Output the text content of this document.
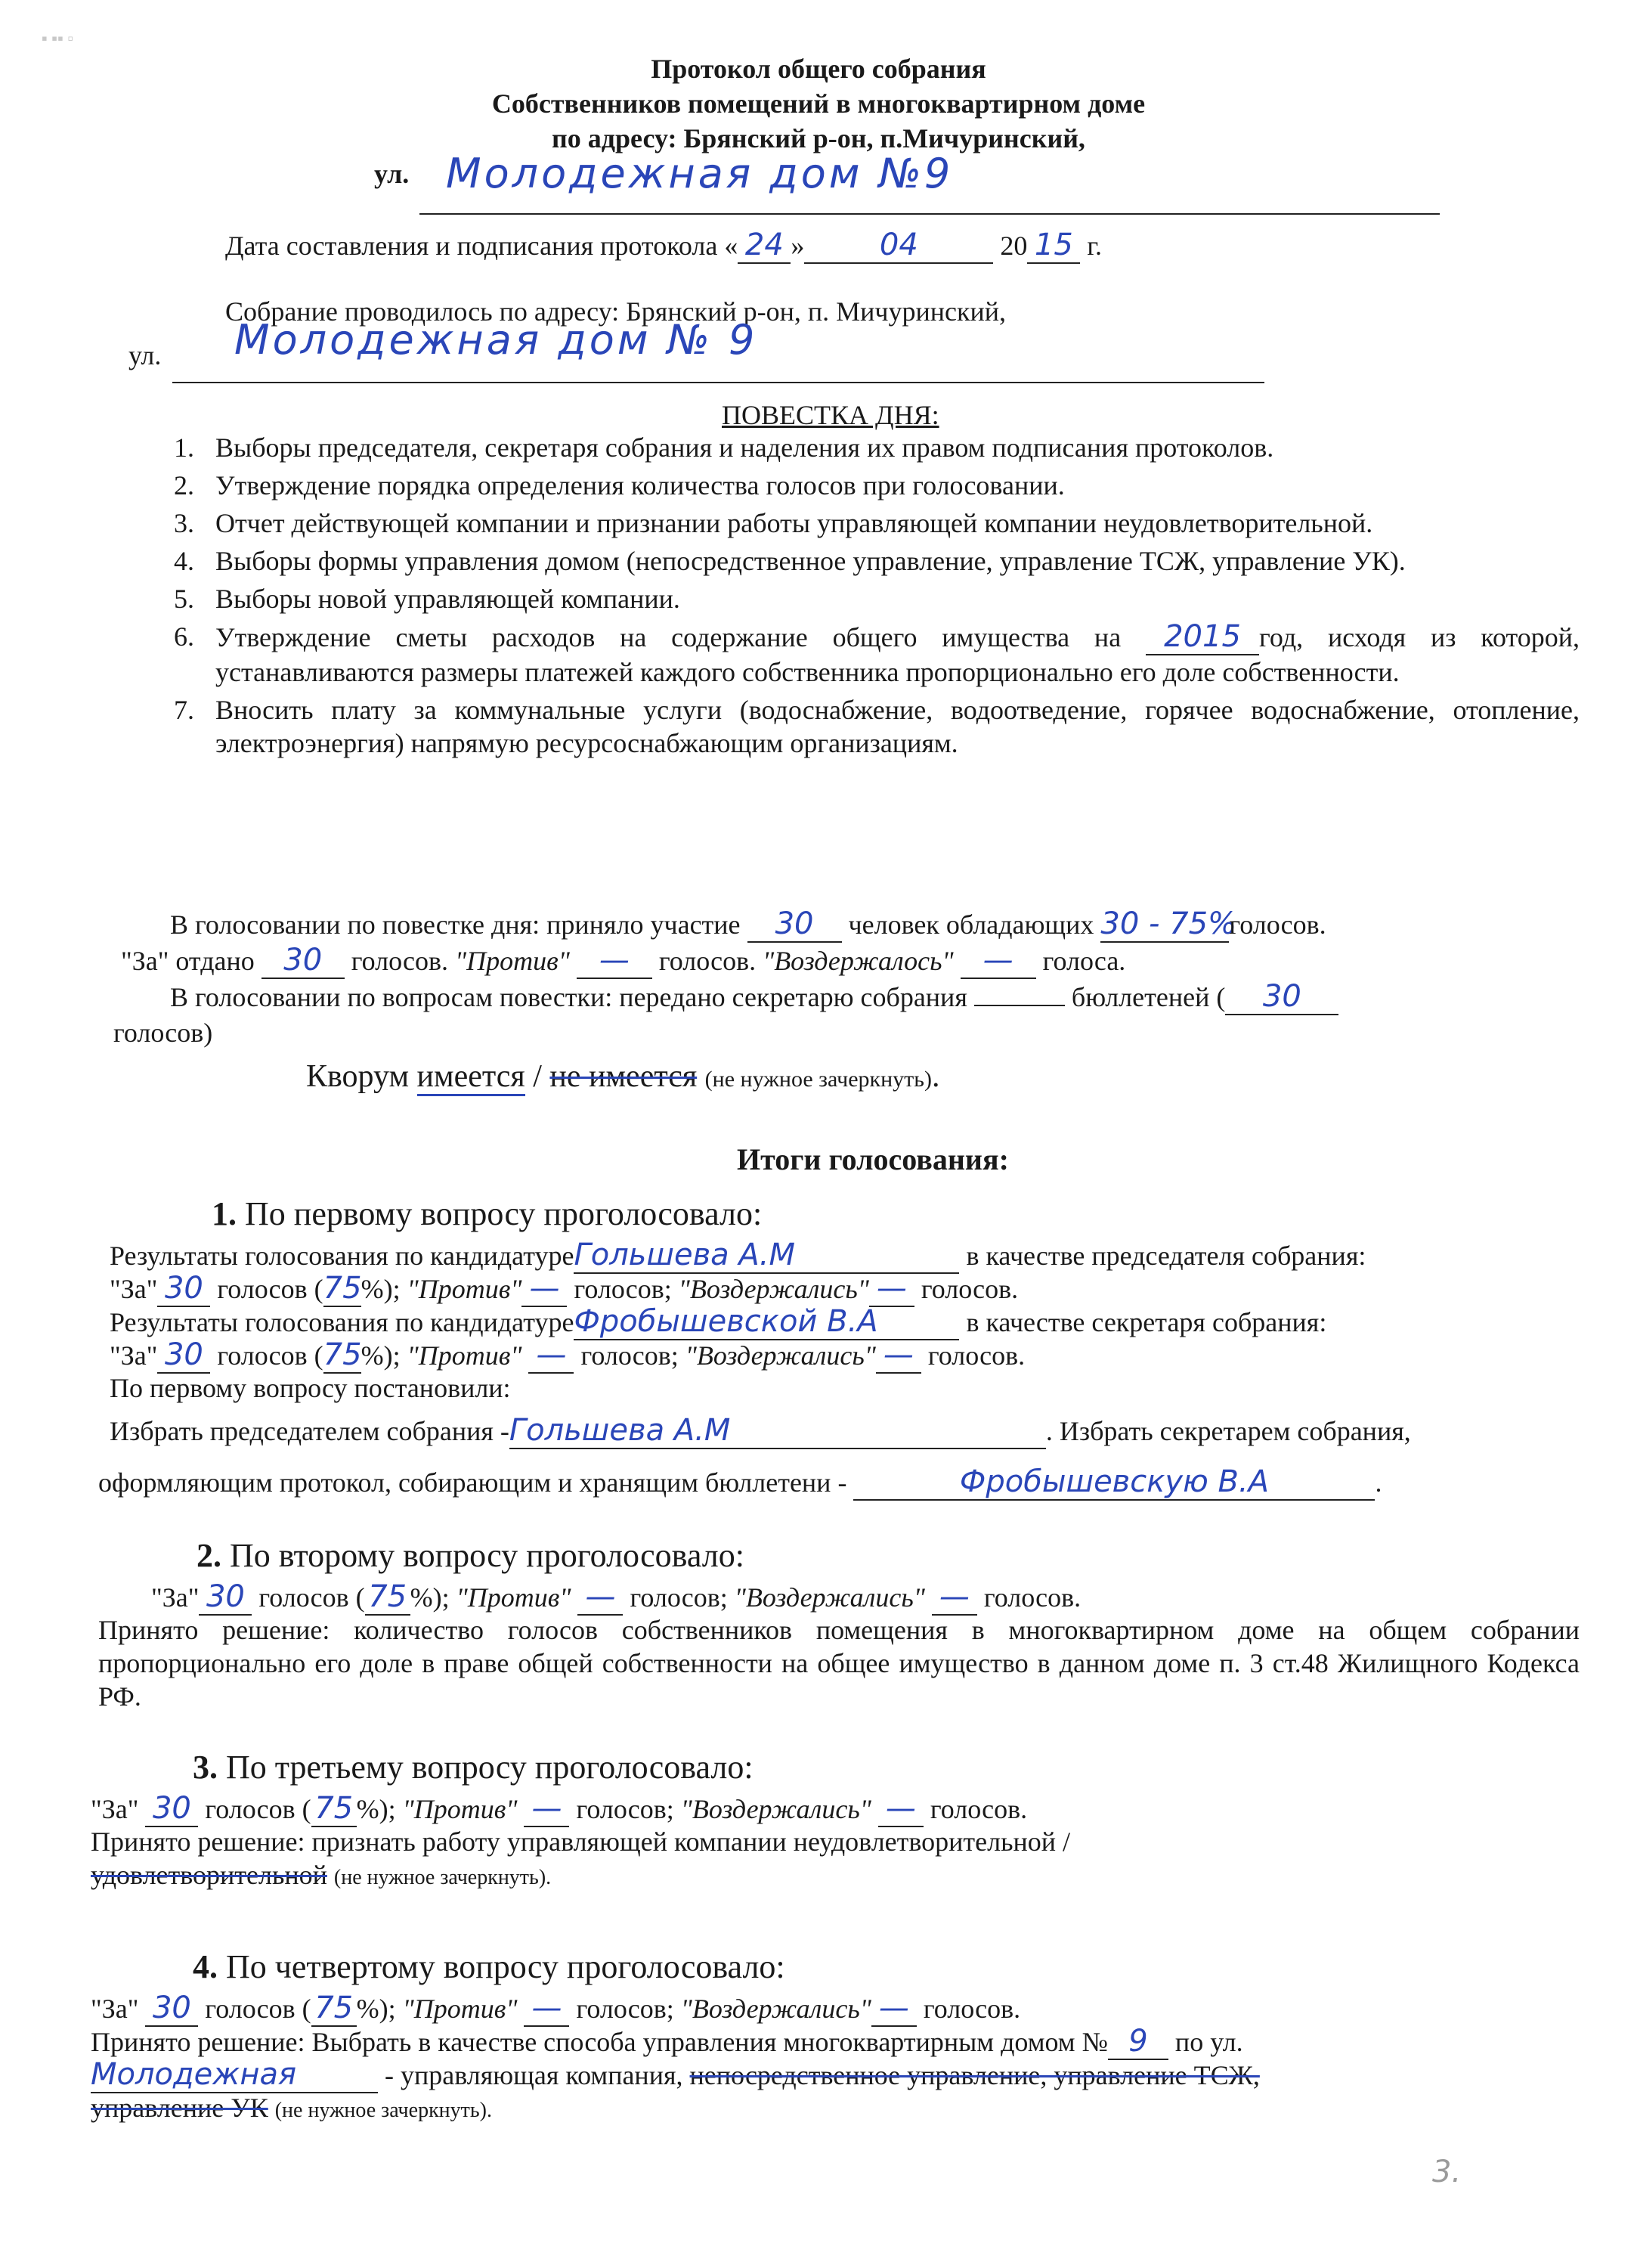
▪ ▪▪ ▫
Протокол общего собрания
Собственников помещений в многоквартирном доме
по адресу: Брянский р-он, п.Мичуринский,
ул. Молодежная дом №9
Дата составления и подписания протокола « 24 » 04	20 15 г.
Собрание проводилось по адресу: Брянский р-он, п. Мичуринский,
ул. Молодежная дом № 9
ПОВЕСТКА ДНЯ:
1. Выборы председателя, секретаря собрания и наделения их правом подписания протоколов.
2. Утверждение порядка определения количества голосов при голосовании.
3. Отчет действующей компании и признании работы управляющей компании неудовлетворительной.
4. Выборы формы управления домом (непосредственное управление, управление ТСЖ, управление УК).
5. Выборы новой управляющей компании.
6. Утверждение сметы расходов на содержание общего имущества на 2015 год, исходя из которой, устанавливаются размеры платежей каждого собственника пропорционально его доле собственности.
7. Вносить плату за коммунальные услуги (водоснабжение, водоотведение, горячее водоснабжение, отопление, электроэнергия) напрямую ресурсоснабжающим организациям.
В голосовании по повестке дня: приняло участие 30 человек обладающих 30 - 75%голосов.
"За" отдано 30 голосов. "Против" — голосов. "Воздержалось" — голоса.
В голосовании по вопросам повестки: передано секретарю собрания	бюллетеней ( 30
голосов)
Кворум имеется / не имеется (не нужное зачеркнуть).
Итоги голосования:
1. По первому вопросу проголосовало:
Результаты голосования по кандидатуреГольшева А.М	в качестве председателя собрания:
"За" 30 голосов (75%); "Против" — голосов; "Воздержались" — голосов.
Результаты голосования по кандидатуреФробышевской В.А	в качестве секретаря собрания:
"За" 30 голосов (75%); "Против" — голосов; "Воздержались" — голосов.
По первому вопросу постановили:
Избрать председателем собрания -Гольшева А.М	. Избрать секретарем собрания,
оформляющим протокол, собирающим и хранящим бюллетени -	Фробышевскую В.А	.
2. По второму вопросу проголосовало:
"За" 30 голосов ( 75 %); "Против" — голосов; "Воздержались" — голосов.
Принято решение: количество голосов собственников помещения в многоквартирном доме на общем собрании пропорционально его доле в праве общей собственности на общее имущество в данном доме п. 3 ст.48 Жилищного Кодекса РФ.
3. По третьему вопросу проголосовало:
"За" 30 голосов ( 75 %); "Против" — голосов; "Воздержались" — голосов.
Принято решение: признать работу управляющей компании неудовлетворительной /
удовлетворительной (не нужное зачеркнуть).
4. По четвертому вопросу проголосовало:
"За" 30 голосов ( 75 %); "Против" — голосов; "Воздержались" — голосов.
Принято решение: Выбрать в качестве способа управления многоквартирным домом № 9 по ул.
Молодежная	- управляющая компания, непосредственное управление, управление ТСЖ,
управление УК (не нужное зачеркнуть).
3.
